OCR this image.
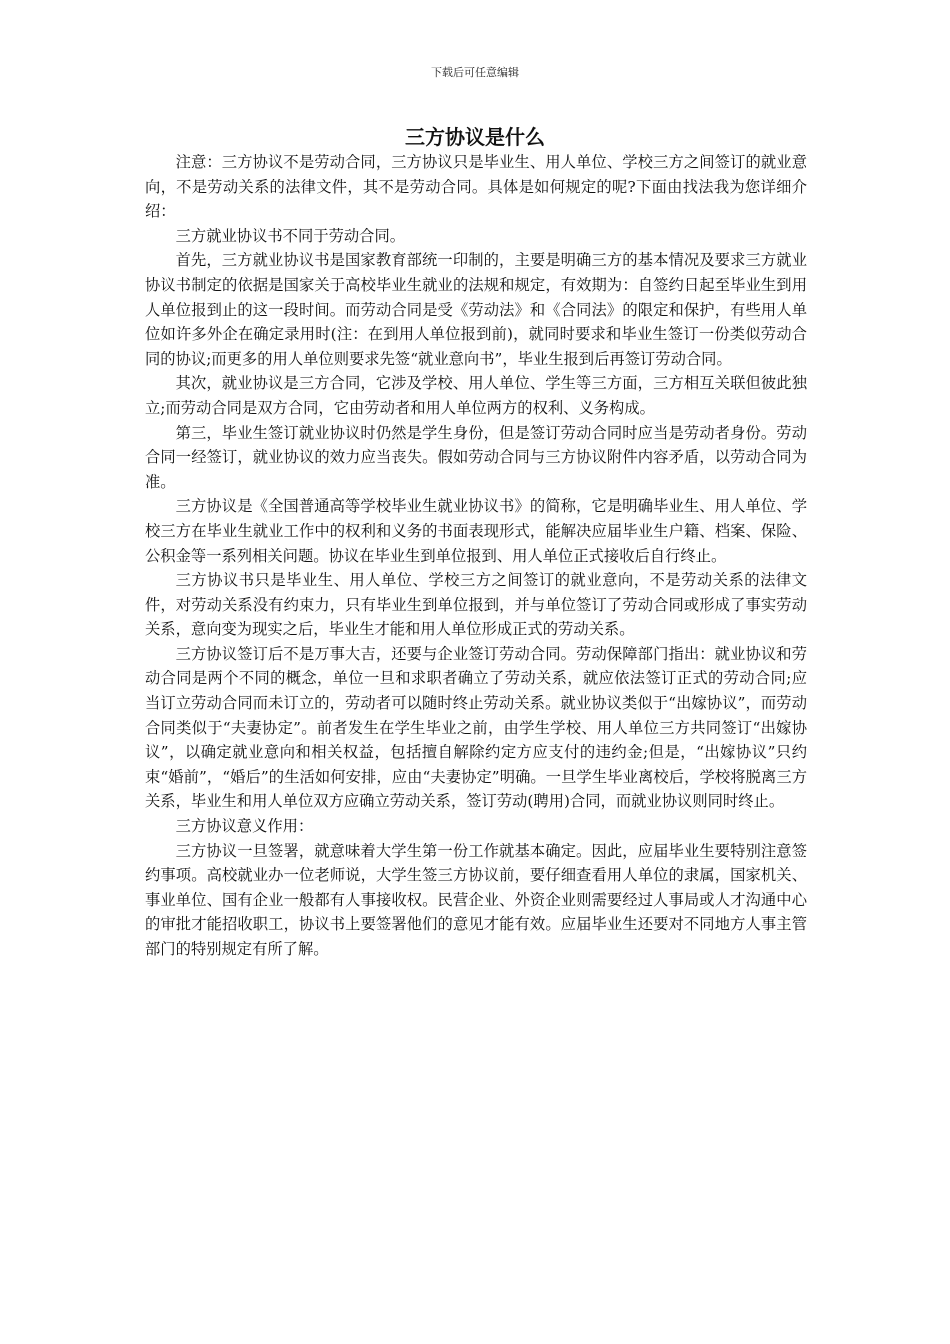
下载后可任意编辑
三方协议是什么

注意：三方协议不是劳动合同，三方协议只是毕业生、用人单位、学校三方之间签订的就业意向，不是劳动关系的法律文件，其不是劳动合同。具体是如何规定的呢?下面由找法我为您详细介绍：

三方就业协议书不同于劳动合同。

首先，三方就业协议书是国家教育部统一印制的，主要是明确三方的基本情况及要求三方就业协议书制定的依据是国家关于高校毕业生就业的法规和规定，有效期为：自签约日起至毕业生到用人单位报到止的这一段时间。而劳动合同是受《劳动法》和《合同法》的限定和保护，有些用人单位如许多外企在确定录用时(注：在到用人单位报到前)，就同时要求和毕业生签订一份类似劳动合同的协议;而更多的用人单位则要求先签“就业意向书”，毕业生报到后再签订劳动合同。

其次，就业协议是三方合同，它涉及学校、用人单位、学生等三方面，三方相互关联但彼此独立;而劳动合同是双方合同，它由劳动者和用人单位两方的权利、义务构成。

第三，毕业生签订就业协议时仍然是学生身份，但是签订劳动合同时应当是劳动者身份。劳动合同一经签订，就业协议的效力应当丧失。假如劳动合同与三方协议附件内容矛盾，以劳动合同为准。

三方协议是《全国普通高等学校毕业生就业协议书》的简称，它是明确毕业生、用人单位、学校三方在毕业生就业工作中的权利和义务的书面表现形式，能解决应届毕业生户籍、档案、保险、公积金等一系列相关问题。协议在毕业生到单位报到、用人单位正式接收后自行终止。

三方协议书只是毕业生、用人单位、学校三方之间签订的就业意向，不是劳动关系的法律文件，对劳动关系没有约束力，只有毕业生到单位报到，并与单位签订了劳动合同或形成了事实劳动关系，意向变为现实之后，毕业生才能和用人单位形成正式的劳动关系。

三方协议签订后不是万事大吉，还要与企业签订劳动合同。劳动保障部门指出：就业协议和劳动合同是两个不同的概念，单位一旦和求职者确立了劳动关系，就应依法签订正式的劳动合同;应当订立劳动合同而未订立的，劳动者可以随时终止劳动关系。就业协议类似于“出嫁协议”，而劳动合同类似于“夫妻协定”。前者发生在学生毕业之前，由学生学校、用人单位三方共同签订“出嫁协议”，以确定就业意向和相关权益，包括擅自解除约定方应支付的违约金;但是，“出嫁协议”只约束“婚前”，“婚后”的生活如何安排，应由“夫妻协定”明确。一旦学生毕业离校后，学校将脱离三方关系，毕业生和用人单位双方应确立劳动关系，签订劳动(聘用)合同，而就业协议则同时终止。

三方协议意义作用：

三方协议一旦签署，就意味着大学生第一份工作就基本确定。因此，应届毕业生要特别注意签约事项。高校就业办一位老师说，大学生签三方协议前，要仔细查看用人单位的隶属，国家机关、事业单位、国有企业一般都有人事接收权。民营企业、外资企业则需要经过人事局或人才沟通中心的审批才能招收职工，协议书上要签署他们的意见才能有效。应届毕业生还要对不同地方人事主管部门的特别规定有所了解。
